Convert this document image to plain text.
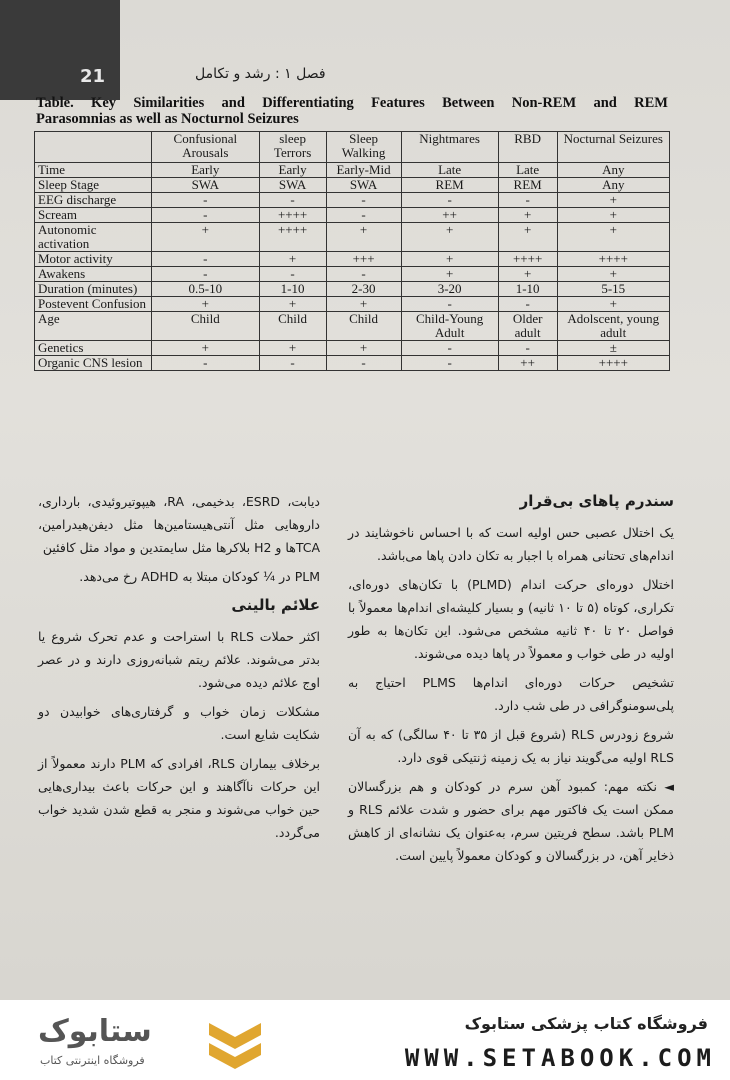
21	فصل ۱ : رشد و تکامل
Table. Key Similarities and Differentiating Features Between Non-REM and REM
Parasomnias as well as Nocturnol Seizures
	Confusional Arousals	sleep Terrors	Sleep Walking	Nightmares	RBD	Nocturnal Seizures
Time	Early	Early	Early-Mid	Late	Late	Any
Sleep Stage	SWA	SWA	SWA	REM	REM	Any
EEG discharge	-	-	-	-	-	+
Scream	-	++++	-	++	+	+
Autonomic activation	+	++++	+	+	+	+
Motor activity	-	+	+++	+	++++	++++
Awakens	-	-	-	+	+	+
Duration (minutes)	0.5-10	1-10	2-30	3-20	1-10	5-15
Postevent Confusion	+	+	+	-	-	+
Age	Child	Child	Child	Child-Young Adult	Older adult	Adolscent, young adult
Genetics	+	+	+	-	-	±
Organic CNS lesion	-	-	-	-	++	++++
سندرم پاهای بی‌قرار

یک اختلال عصبی حس اولیه است که با احساس ناخوشایند در اندام‌های تحتانی همراه با اجبار به تکان دادن پاها می‌باشد.

اختلال دوره‌ای حرکت اندام (PLMD) با تکان‌های دوره‌ای، تکراری، کوتاه (۵ تا ۱۰ ثانیه) و بسیار کلیشه‌ای اندام‌ها معمولاً با فواصل ۲۰ تا ۴۰ ثانیه مشخص می‌شود. این تکان‌ها به طور اولیه در طی خواب و معمولاً در پاها دیده می‌شوند.

تشخیص حرکات دوره‌ای اندام‌ها PLMS احتیاج به پلی‌سومنوگرافی در طی شب دارد.

شروع زودرس RLS (شروع قبل از ۳۵ تا ۴۰ سالگی) که به آن RLS اولیه می‌گویند نیاز به یک زمینه ژنتیکی قوی دارد.

◄ نکته مهم: کمبود آهن سرم در کودکان و هم بزرگسالان ممکن است یک فاکتور مهم برای حضور و شدت علائم RLS و PLM باشد. سطح فریتین سرم، به‌عنوان یک نشانه‌ای از کاهش ذخایر آهن، در بزرگسالان و کودکان معمولاً پایین است.

دیابت، ESRD، بدخیمی، RA، هیپوتیروئیدی، بارداری، داروهایی مثل آنتی‌هیستامین‌ها مثل دیفن‌هیدرامین، TCAها و H2 بلاکرها مثل سایمتدین و مواد مثل کافئین

PLM در ¼ کودکان مبتلا به ADHD رخ می‌دهد.

علائم بالینی

اکثر حملات RLS با استراحت و عدم تحرک شروع یا بدتر می‌شوند. علائم ریتم شبانه‌روزی دارند و در عصر اوج علائم دیده می‌شود.

مشکلات زمان خواب و گرفتاری‌های خوابیدن دو شکایت شایع است.

برخلاف بیماران RLS، افرادی که PLM دارند معمولاً از این حرکات ناآگاهند و این حرکات باعث بیداری‌هایی حین خواب می‌شوند و منجر به قطع شدن شدید خواب می‌گردد.

ستابوک
فروشگاه اینترنتی کتاب
فروشگاه کتاب پزشکی ستابوک
WWW.SETABOOK.COM
